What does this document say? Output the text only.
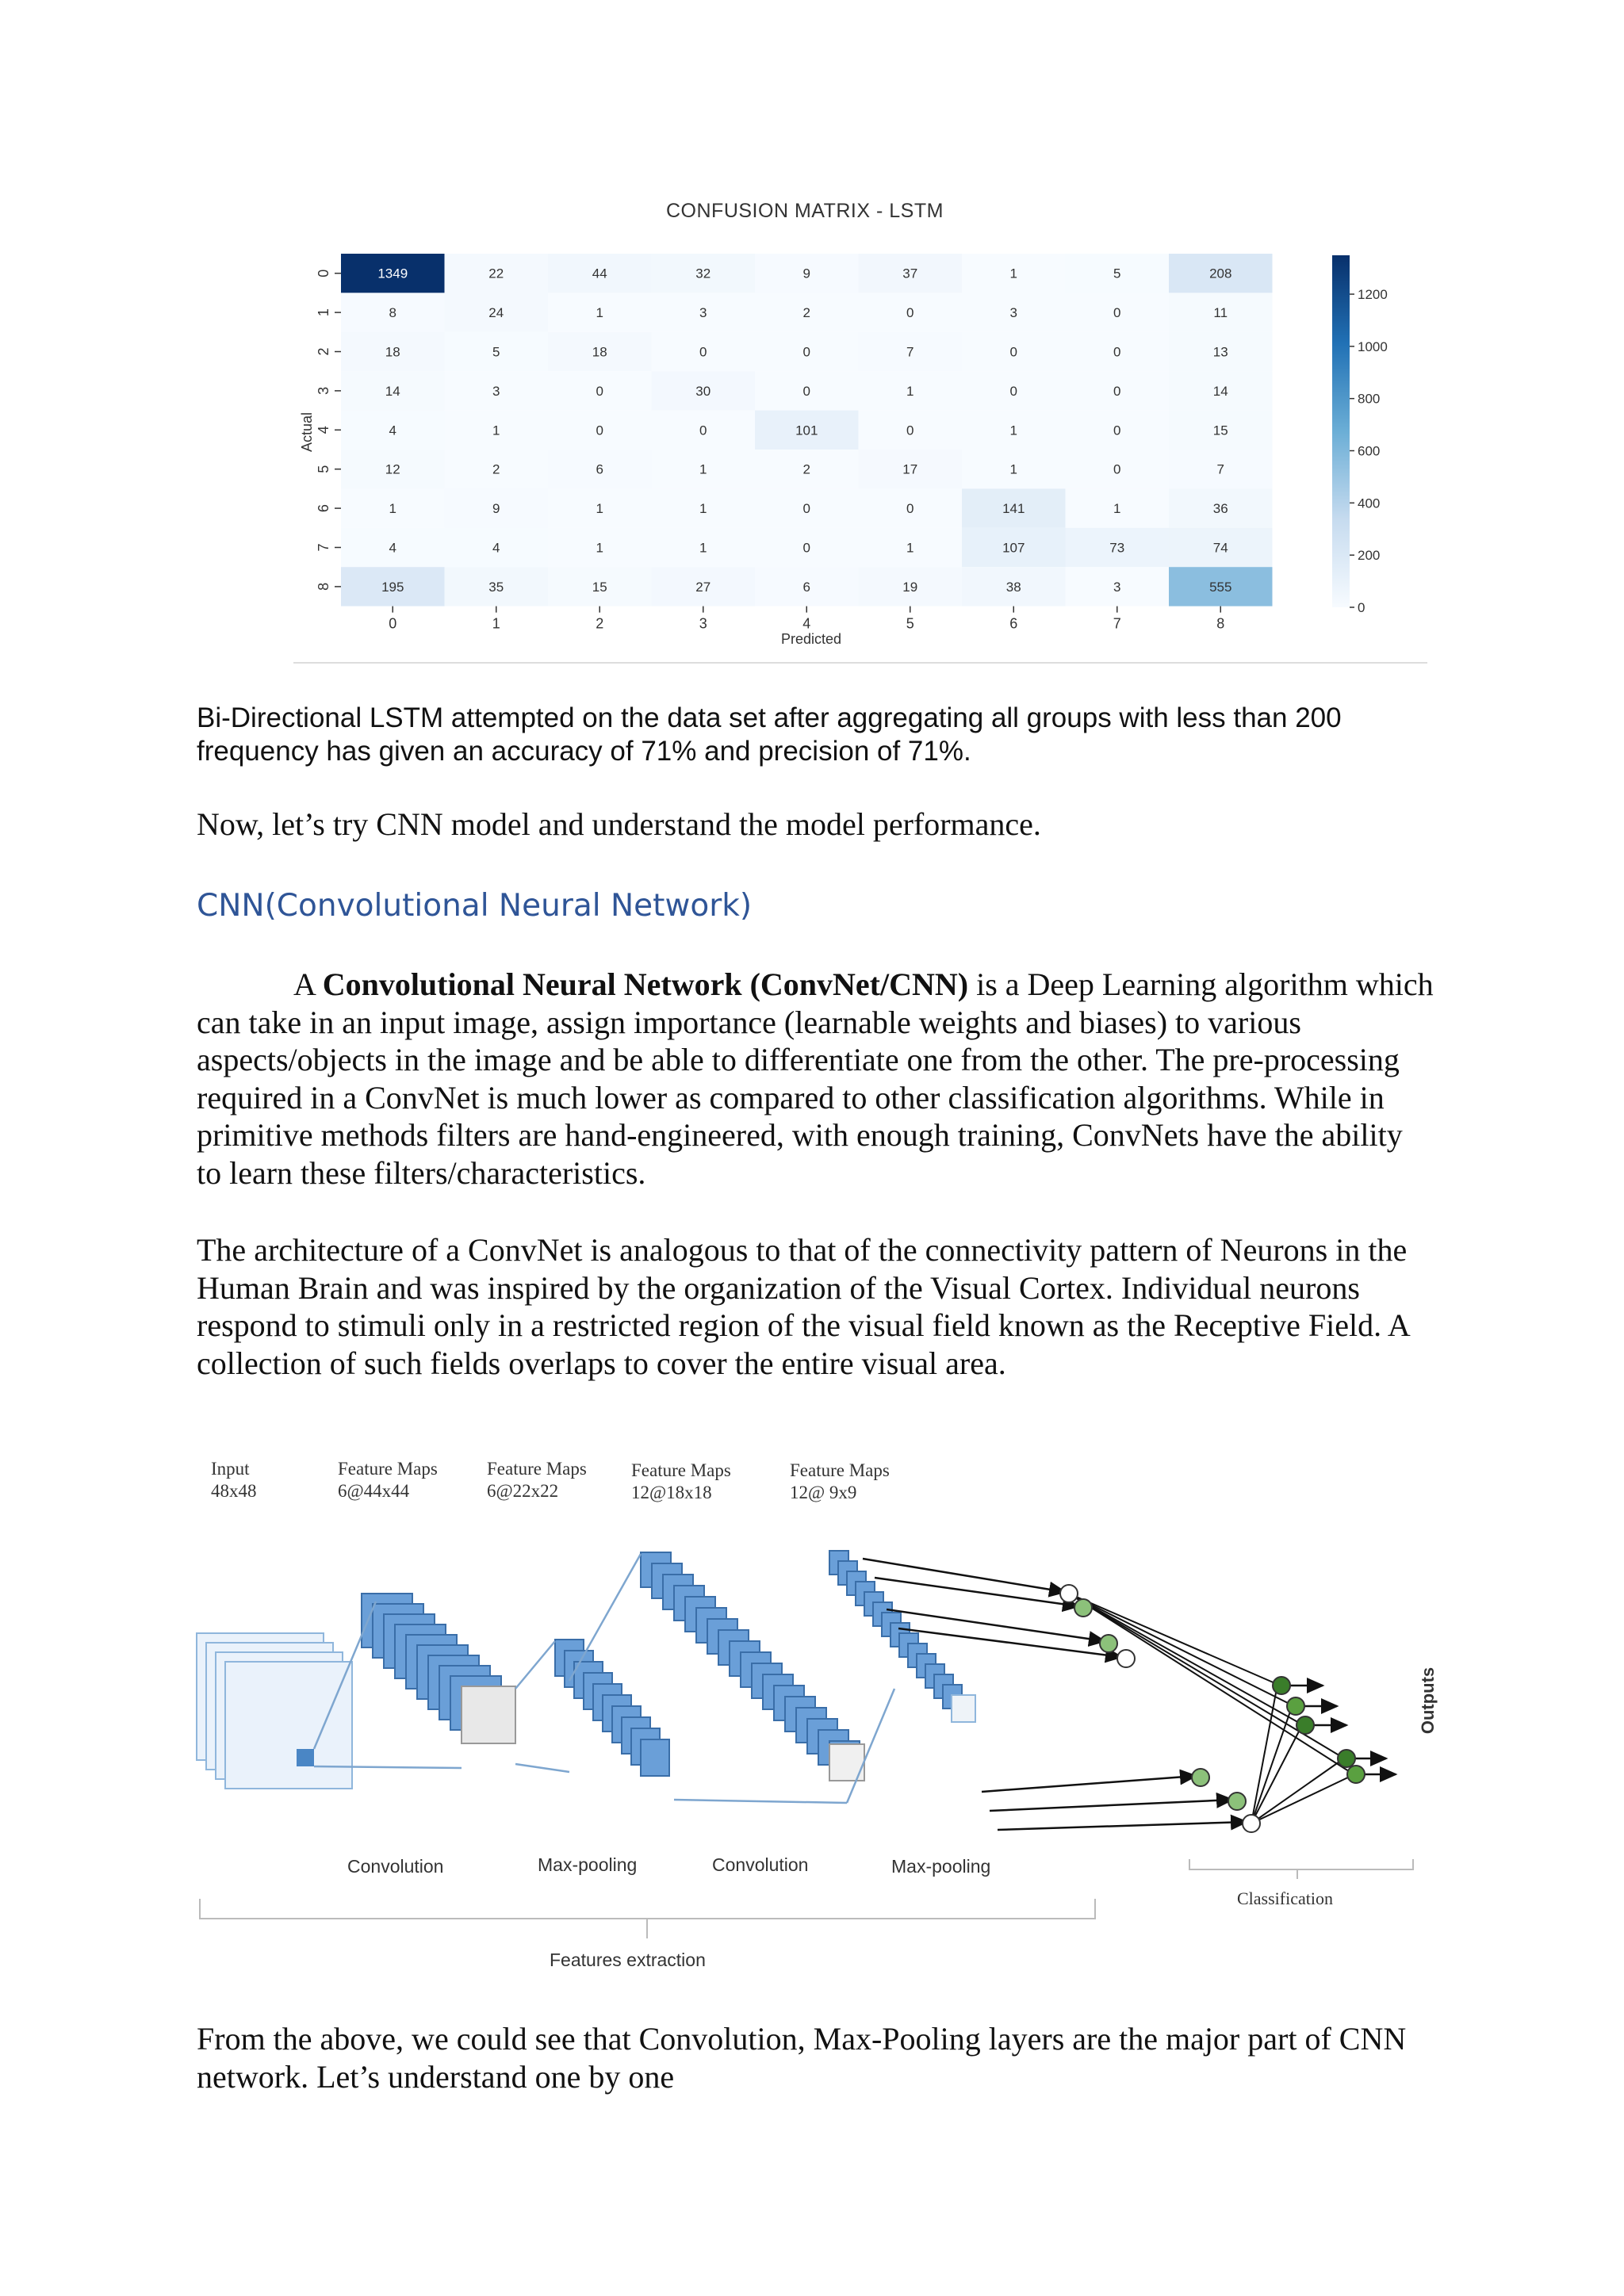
CONFUSION MATRIX - LSTM
1349	22	44	32	9	37	1	5	208
8	24	1	3	2	0	3	0	11
18	5	18	0	0	7	0	0	13
14	3	0	30	0	1	0	0	14
4	1	0	0	101	0	1	0	15
12	2	6	1	2	17	1	0	7
1	9	1	1	0	0	141	1	36
4	4	1	1	0	1	107	73	74
195	35	15	27	6	19	38	3	555
0	1	2	3	4	5	6	7	8
0
1
2
3
4
5
6
7
8
Predicted
Actual
0
200
400
600
800
1000
1200
Bi-Directional LSTM attempted on the data set after aggregating all groups with less than 200 frequency has given an accuracy of 71% and precision of 71%.
Now, let’s try CNN model and understand the model performance.
CNN(Convolutional Neural Network)
A Convolutional Neural Network (ConvNet/CNN) is a Deep Learning algorithm which can take in an input image, assign importance (learnable weights and biases) to various aspects/objects in the image and be able to differentiate one from the other. The pre-processing required in a ConvNet is much lower as compared to other classification algorithms. While in primitive methods filters are hand-engineered, with enough training, ConvNets have the ability to learn these filters/characteristics.
The architecture of a ConvNet is analogous to that of the connectivity pattern of Neurons in the Human Brain and was inspired by the organization of the Visual Cortex. Individual neurons respond to stimuli only in a restricted region of the visual field known as the Receptive Field. A collection of such fields overlaps to cover the entire visual area.
Input
48x48
Feature Maps
6@44x44
Feature Maps
6@22x22
Feature Maps
12@18x18
Feature Maps
12@ 9x9
Convolution	Max-pooling	Convolution	Max-pooling
Features extraction
Classification
Outputs
From the above, we could see that Convolution, Max-Pooling layers are the major part of CNN network. Let’s understand one by one
